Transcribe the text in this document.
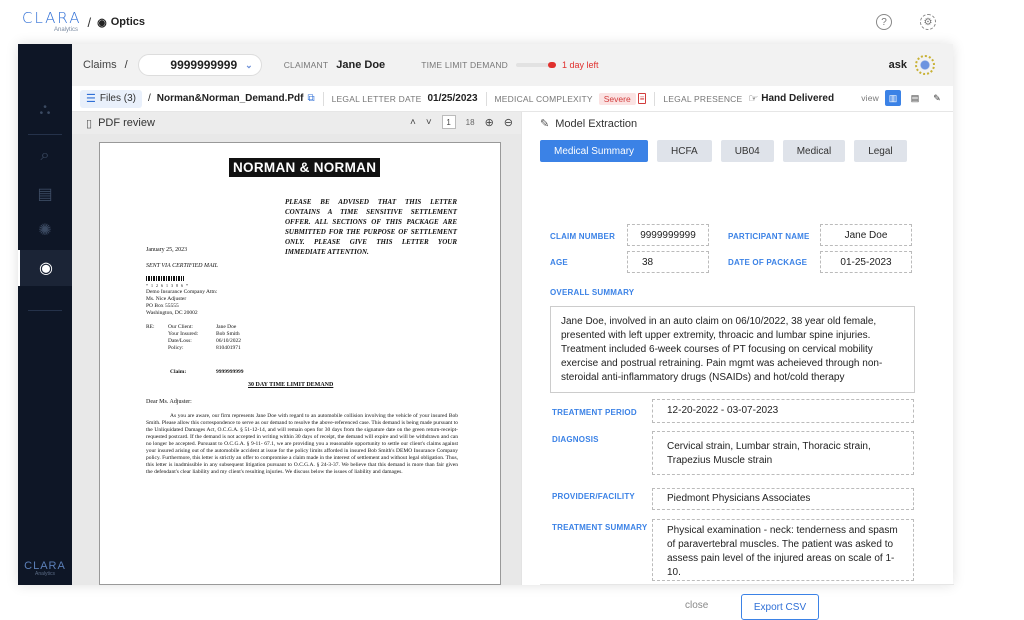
CLARA
Analytics
/ ◉ Optics	?	⚙
⛬
⌕
▤
✺
◉
CLARA
Analytics
Claims /	9999999999 ⌄	CLAIMANT Jane Doe	TIME LIMIT DEMAND	1 day left	ask
☰ Files (3) / Norman&Norman_Demand.Pdf ⧉ LEGAL LETTER DATE 01/25/2023 MEDICAL COMPLEXITY	Severe	≡ LEGAL PRESENCE ☞ Hand Delivered	view	▥	▤	✎
▯ PDF review	˄ ˅	1	18 ⊕ ⊖
NORMAN & NORMAN
PLEASE BE ADVISED THAT THIS LETTER CONTAINS A TIME SENSITIVE SETTLEMENT OFFER. ALL SECTIONS OF THIS PACKAGE ARE SUBMITTED FOR THE PURPOSE OF SETTLEMENT ONLY. PLEASE GIVE THIS LETTER YOUR IMMEDIATE ATTENTION.
January 25, 2023
SENT VIA CERTIFIED MAIL
* 1 2 6 1 3 8 6 *
Demo Insurance Company Attn:
Ms. Nice Adjuster
PO Box 55555
Washington, DC 20002
RE:	Our Client:	Jane Doe
Your Insured:	Bob Smith
Date/Loss:	06/10/2022
Policy:	810401971
Claim:	9999999999
30 DAY TIME LIMIT DEMAND
Dear Ms. Adjuster:
As you are aware, our firm represents Jane Doe with regard to an automobile collision involving the vehicle of your insured Bob Smith. Please allow this correspondence to serve as our demand to resolve the above-referenced case. This demand is being made pursuant to the Unliquidated Damages Act, O.C.G.A. § 51-12-14, and will remain open for 30 days from the signature date on the green return-receipt-requested postcard. If the demand is not accepted in writing within 30 days of receipt, the demand will expire and will be withdrawn and can no longer be accepted. Pursuant to O.C.G.A. § 9-11- 67.1, we are providing you a reasonable opportunity to settle our client's claims against your insured arising out of the automobile accident at issue for the policy limits afforded in insured Bob Smith's DEMO Insurance Company policy. Furthermore, this letter is strictly an offer to compromise a claim made in the interest of settlement and without legal obligation. Thus, this letter is inadmissible in any subsequent litigation pursuant to O.C.G.A. § 24-3-37. We believe that this demand is more than fair given the defendant's clear liability and my client's resulting injuries. We discuss below the issues of liability and damages.
✎ Model Extraction
Medical Summary	HCFA	UB04	Medical	Legal
CLAIM NUMBER	9999999999	PARTICIPANT NAME	Jane Doe
AGE	38	DATE OF PACKAGE	01-25-2023
OVERALL SUMMARY
Jane Doe, involved in an auto claim on 06/10/2022, 38 year old female, presented with left upper extremity, throacic and lumbar spine injuries. Treatment included 6-week courses of PT focusing on cervical mobility exercise and postrual retraining. Pain mgmt was acheieved through non-steroidal anti-inflammatory drugs (NSAIDs) and hot/cold therapy
TREATMENT PERIOD	12-20-2022 - 03-07-2023
DIAGNOSIS
Cervical strain, Lumbar strain, Thoracic strain, Trapezius Muscle strain
PROVIDER/FACILITY	Piedmont Physicians Associates
TREATMENT SUMMARY	Physical examination - neck: tenderness and spasm of paravertebral muscles. The patient was asked to assess pain level of the injured areas on scale of 1-10.
close	Export CSV
